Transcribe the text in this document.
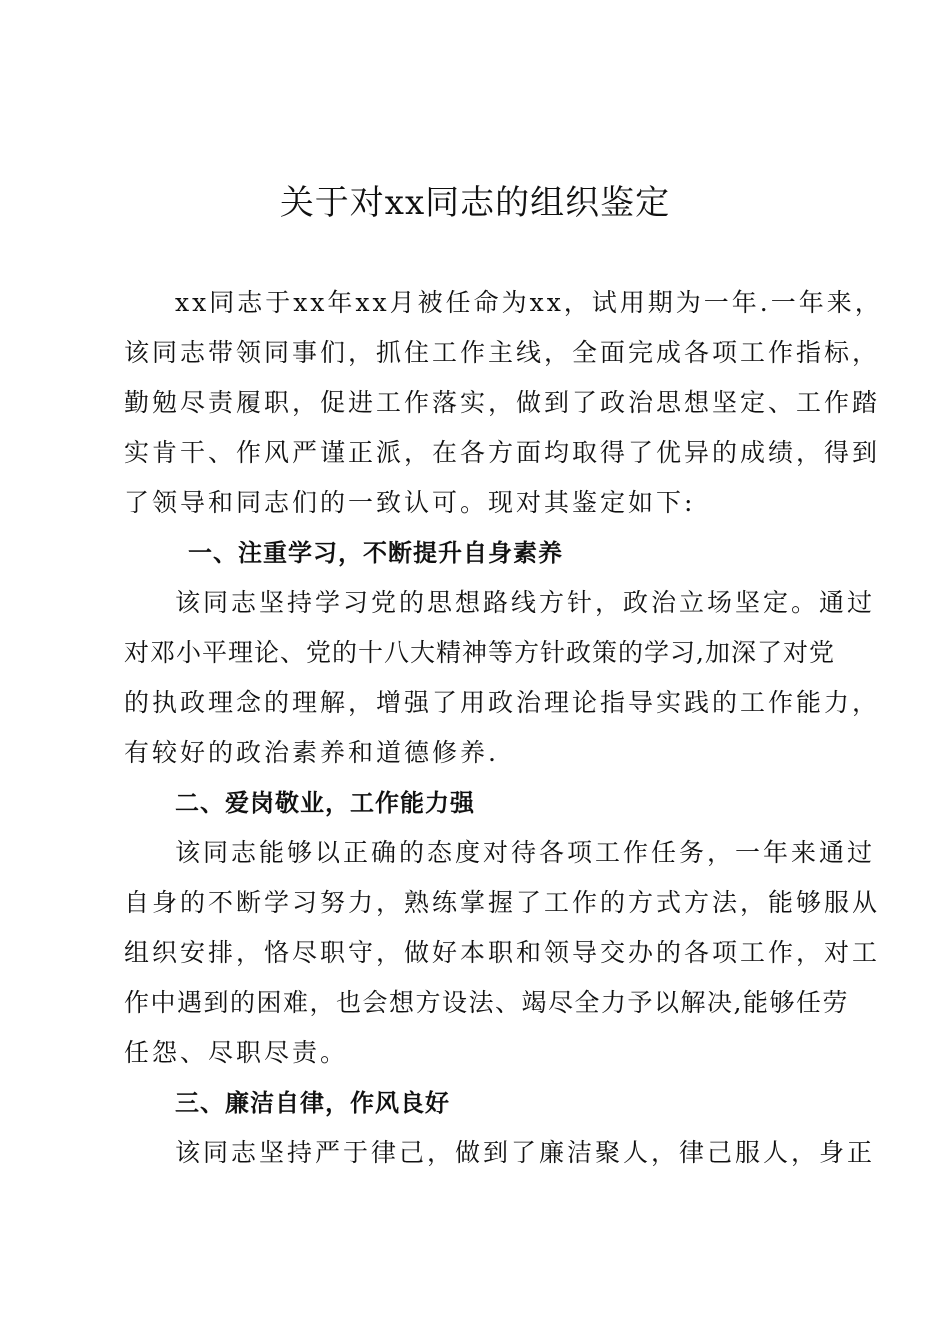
关于对xx同志的组织鉴定
xx同志于xx年xx月被任命为xx，试用期为一年.一年来，
该同志带领同事们，抓住工作主线，全面完成各项工作指标，
勤勉尽责履职，促进工作落实，做到了政治思想坚定、工作踏
实肯干、作风严谨正派，在各方面均取得了优异的成绩，得到
了领导和同志们的一致认可。现对其鉴定如下:
一、注重学习，不断提升自身素养
该同志坚持学习党的思想路线方针，政治立场坚定。通过
对邓小平理论、党的十八大精神等方针政策的学习,加深了对党
的执政理念的理解，增强了用政治理论指导实践的工作能力，
有较好的政治素养和道德修养.
二、爱岗敬业，工作能力强
该同志能够以正确的态度对待各项工作任务，一年来通过
自身的不断学习努力，熟练掌握了工作的方式方法，能够服从
组织安排，恪尽职守，做好本职和领导交办的各项工作，对工
作中遇到的困难，也会想方设法、竭尽全力予以解决,能够任劳
任怨、尽职尽责。
三、廉洁自律，作风良好
该同志坚持严于律己，做到了廉洁聚人，律己服人，身正
